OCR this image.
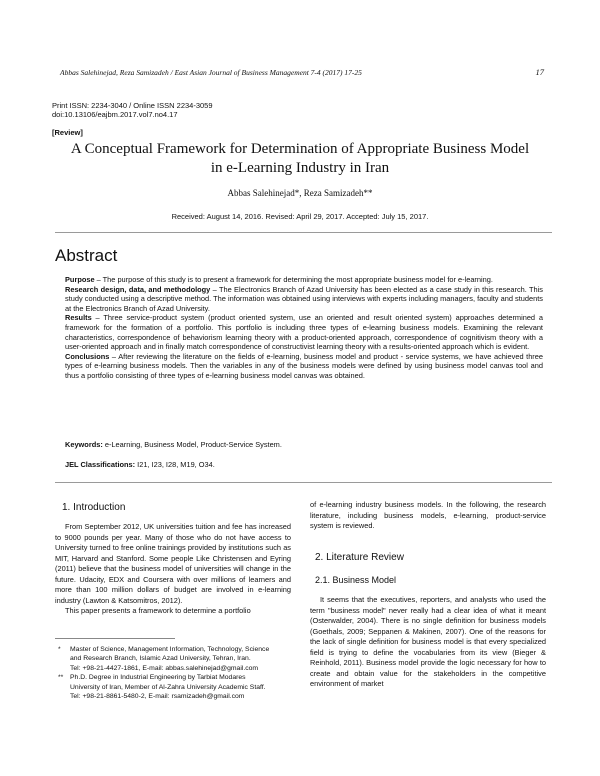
Abbas Salehinejad, Reza Samizadeh / East Asian Journal of Business Management 7-4 (2017) 17-25	17
Print ISSN: 2234-3040 / Online ISSN 2234-3059
doi:10.13106/eajbm.2017.vol7.no4.17
[Review]
A Conceptual Framework for Determination of Appropriate Business Model
in e-Learning Industry in Iran
Abbas Salehinejad*, Reza Samizadeh**
Received: August 14, 2016. Revised: April 29, 2017. Accepted: July 15, 2017.
Abstract

Purpose – The purpose of this study is to present a framework for determining the most appropriate business model for e-learning.

Research design, data, and methodology – The Electronics Branch of Azad University has been elected as a case study in this research. This study conducted using a descriptive method. The information was obtained using interviews with experts including managers, faculty and students at the Electronics Branch of Azad University.

Results – Three service-product system (product oriented system, use an oriented and result oriented system) approaches determined a framework for the formation of a portfolio. This portfolio is including three types of e-learning business models. Examining the relevant characteristics, correspondence of behaviorism learning theory with a product-oriented approach, correspondence of cognitivism theory with a user-oriented approach and in finally match correspondence of constructivist learning theory with a results-oriented approach which is evident.

Conclusions – After reviewing the literature on the fields of e-learning, business model and product - service systems, we have achieved three types of e-learning business models. Then the variables in any of the business models were defined by using business model canvas tool and thus a portfolio consisting of three types of e-learning business model canvas was obtained.

Keywords: e-Learning, Business Model, Product-Service System.
JEL Classifications: I21, I23, I28, M19, O34.
1. Introduction

From September 2012, UK universities tuition and fee has increased to 9000 pounds per year. Many of those who do not have access to University turned to free online trainings provided by institutions such as MIT, Harvard and Stanford. Some people Like Christensen and Eyring (2011) believe that the business model of universities will change in the future. Udacity, EDX and Coursera with over millions of learners and more than 100 million dollars of budget are involved in e-learning industry (Lawton & Katsomitros, 2012).

This paper presents a framework to determine a portfolio

*	Master of Science, Management Information, Technology, Science
and Research Branch, Islamic Azad University, Tehran, Iran.
Tel: +98-21-4427-1861, E-mail: abbas.salehinejad@gmail.com
** Ph.D. Degree in Industrial Engineering by Tarbiat Modares
University of Iran, Member of Al-Zahra University Academic Staff.
Tel: +98-21-8861-5480-2, E-mail: rsamizadeh@gmail.com

of e-learning industry business models. In the following, the research literature, including business models, e-learning, product-service system is reviewed.

2. Literature Review
2.1. Business Model

It seems that the executives, reporters, and analysts who used the term "business model" never really had a clear idea of what it meant (Osterwalder, 2004). There is no single definition for business models (Goethals, 2009; Seppanen & Makinen, 2007). One of the reasons for the lack of single definition for business model is that every specialized field is trying to define the vocabularies from its view (Bieger & Reinhold, 2011). Business model provide the logic necessary for how to create and obtain value for the stakeholders in the competitive environment of market
